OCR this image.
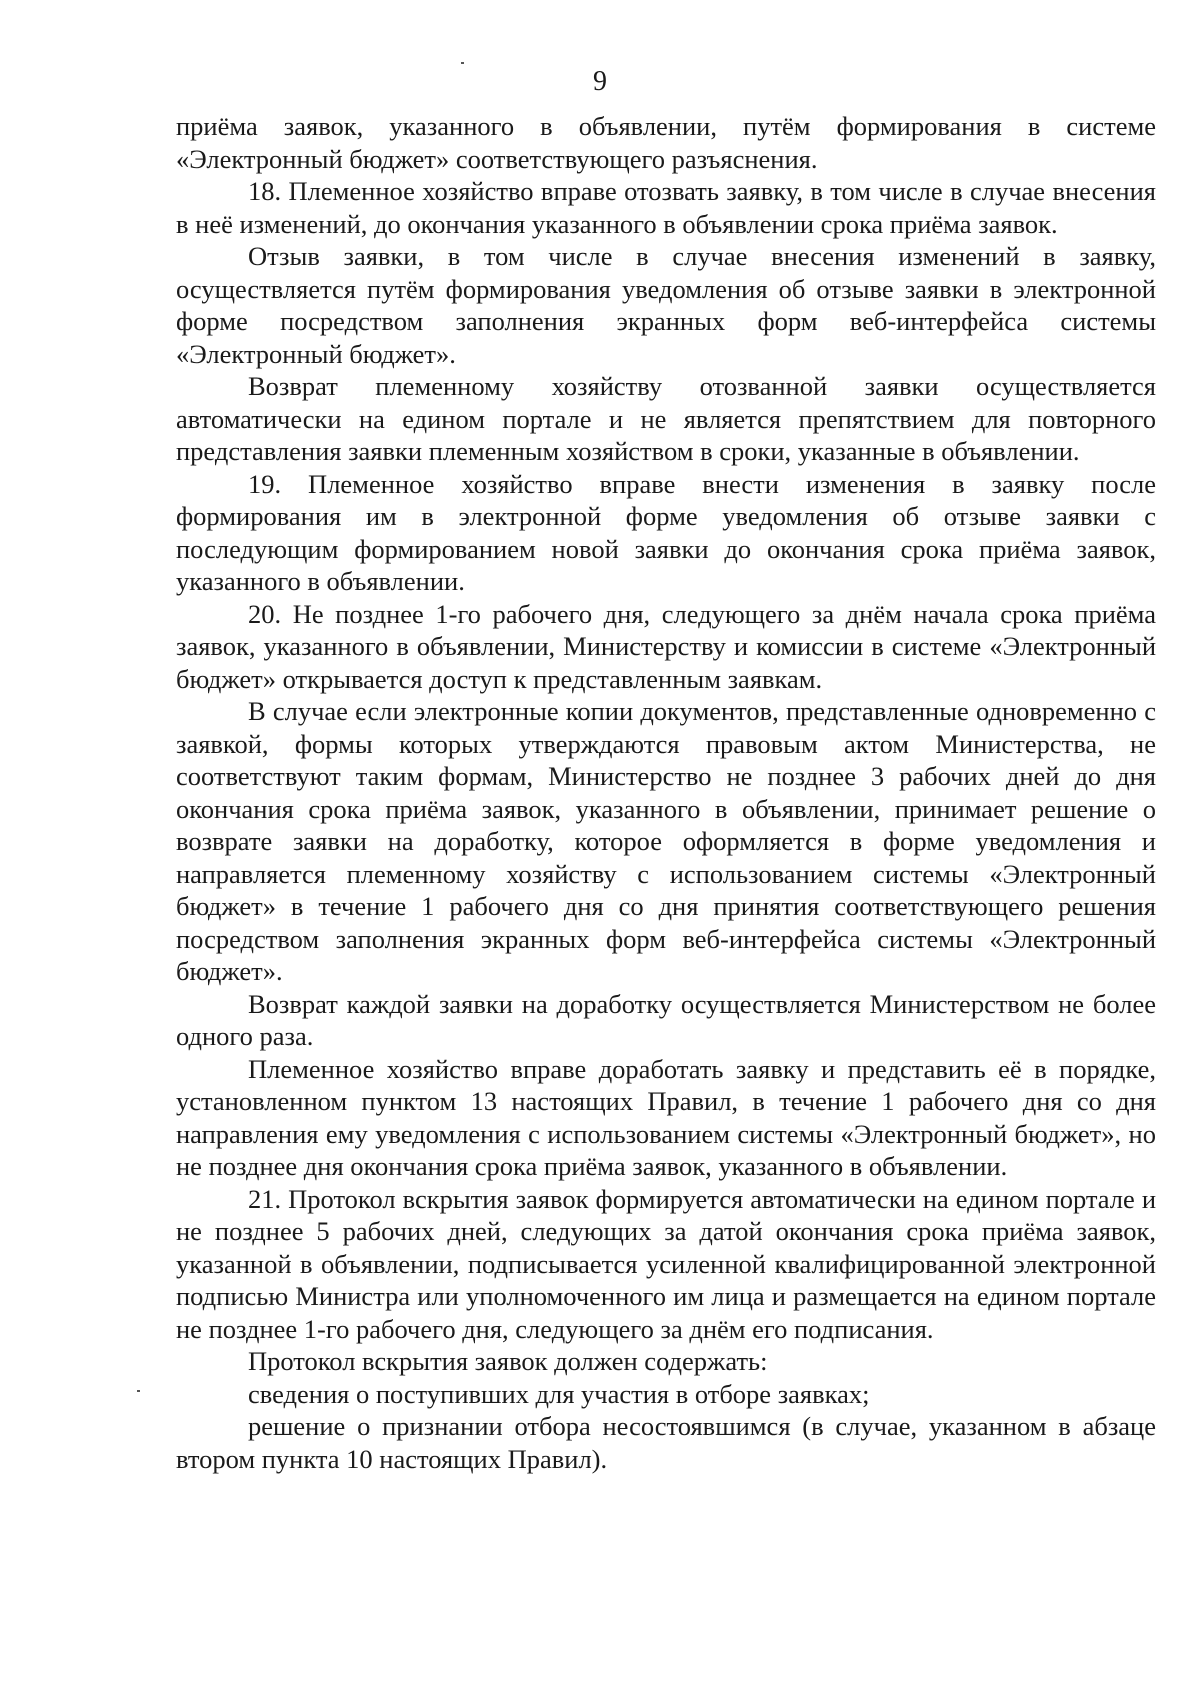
9

приёма заявок, указанного в объявлении, путём формирования в системе «Электронный бюджет» соответствующего разъяснения.

18. Племенное хозяйство вправе отозвать заявку, в том числе в случае внесения в неё изменений, до окончания указанного в объявлении срока приёма заявок.

Отзыв заявки, в том числе в случае внесения изменений в заявку, осуществляется путём формирования уведомления об отзыве заявки в электронной форме посредством заполнения экранных форм веб-интерфейса системы «Электронный бюджет».

Возврат племенному хозяйству отозванной заявки осуществляется автоматически на едином портале и не является препятствием для повторного представления заявки племенным хозяйством в сроки, указанные в объявлении.

19. Племенное хозяйство вправе внести изменения в заявку после формирования им в электронной форме уведомления об отзыве заявки с последующим формированием новой заявки до окончания срока приёма заявок, указанного в объявлении.

20. Не позднее 1-го рабочего дня, следующего за днём начала срока приёма заявок, указанного в объявлении, Министерству и комиссии в системе «Электронный бюджет» открывается доступ к представленным заявкам.

В случае если электронные копии документов, представленные одновременно с заявкой, формы которых утверждаются правовым актом Министерства, не соответствуют таким формам, Министерство не позднее 3 рабочих дней до дня окончания срока приёма заявок, указанного в объявлении, принимает решение о возврате заявки на доработку, которое оформляется в форме уведомления и направляется племенному хозяйству с использованием системы «Электронный бюджет» в течение 1 рабочего дня со дня принятия соответствующего решения посредством заполнения экранных форм веб-интерфейса системы «Электронный бюджет».

Возврат каждой заявки на доработку осуществляется Министерством не более одного раза.

Племенное хозяйство вправе доработать заявку и представить её в порядке, установленном пунктом 13 настоящих Правил, в течение 1 рабочего дня со дня направления ему уведомления с использованием системы «Электронный бюджет», но не позднее дня окончания срока приёма заявок, указанного в объявлении.

21. Протокол вскрытия заявок формируется автоматически на едином портале и не позднее 5 рабочих дней, следующих за датой окончания срока приёма заявок, указанной в объявлении, подписывается усиленной квалифицированной электронной подписью Министра или уполномоченного им лица и размещается на едином портале не позднее 1-го рабочего дня, следующего за днём его подписания.

Протокол вскрытия заявок должен содержать:

сведения о поступивших для участия в отборе заявках;

решение о признании отбора несостоявшимся (в случае, указанном в абзаце втором пункта 10 настоящих Правил).
